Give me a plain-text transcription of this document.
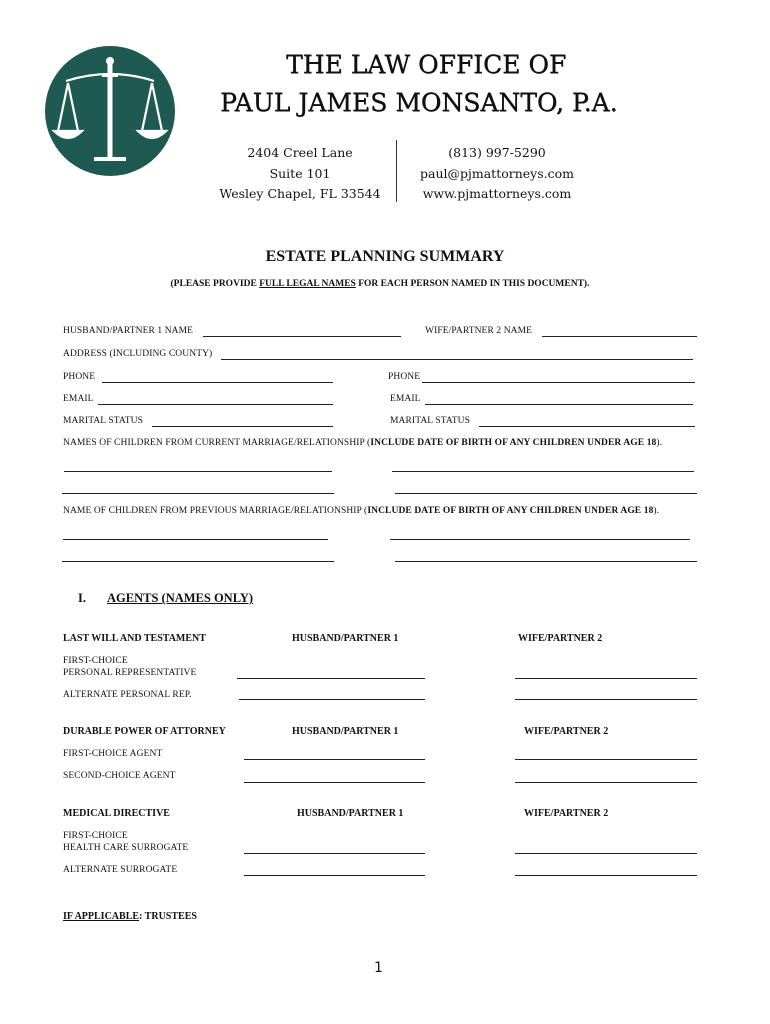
THE LAW OFFICE OF
PAUL JAMES MONSANTO, P.A.
2404 Creel Lane
Suite 101
Wesley Chapel, FL 33544
(813) 997-5290
paul@pjmattorneys.com
www.pjmattorneys.com
ESTATE PLANNING SUMMARY
(PLEASE PROVIDE FULL LEGAL NAMES FOR EACH PERSON NAMED IN THIS DOCUMENT).
HUSBAND/PARTNER 1 NAME	WIFE/PARTNER 2 NAME
ADDRESS (INCLUDING COUNTY)
PHONE	PHONE
EMAIL	EMAIL
MARITAL STATUS	MARITAL STATUS
NAMES OF CHILDREN FROM CURRENT MARRIAGE/RELATIONSHIP (INCLUDE DATE OF BIRTH OF ANY CHILDREN UNDER AGE 18).
NAME OF CHILDREN FROM PREVIOUS MARRIAGE/RELATIONSHIP (INCLUDE DATE OF BIRTH OF ANY CHILDREN UNDER AGE 18).
I. AGENTS (NAMES ONLY)
LAST WILL AND TESTAMENT	HUSBAND/PARTNER 1	WIFE/PARTNER 2
FIRST-CHOICE
PERSONAL REPRESENTATIVE
ALTERNATE PERSONAL REP.
DURABLE POWER OF ATTORNEY	HUSBAND/PARTNER 1	WIFE/PARTNER 2
FIRST-CHOICE AGENT
SECOND-CHOICE AGENT
MEDICAL DIRECTIVE	HUSBAND/PARTNER 1	WIFE/PARTNER 2
FIRST-CHOICE
HEALTH CARE SURROGATE
ALTERNATE SURROGATE
IF APPLICABLE: TRUSTEES
1
